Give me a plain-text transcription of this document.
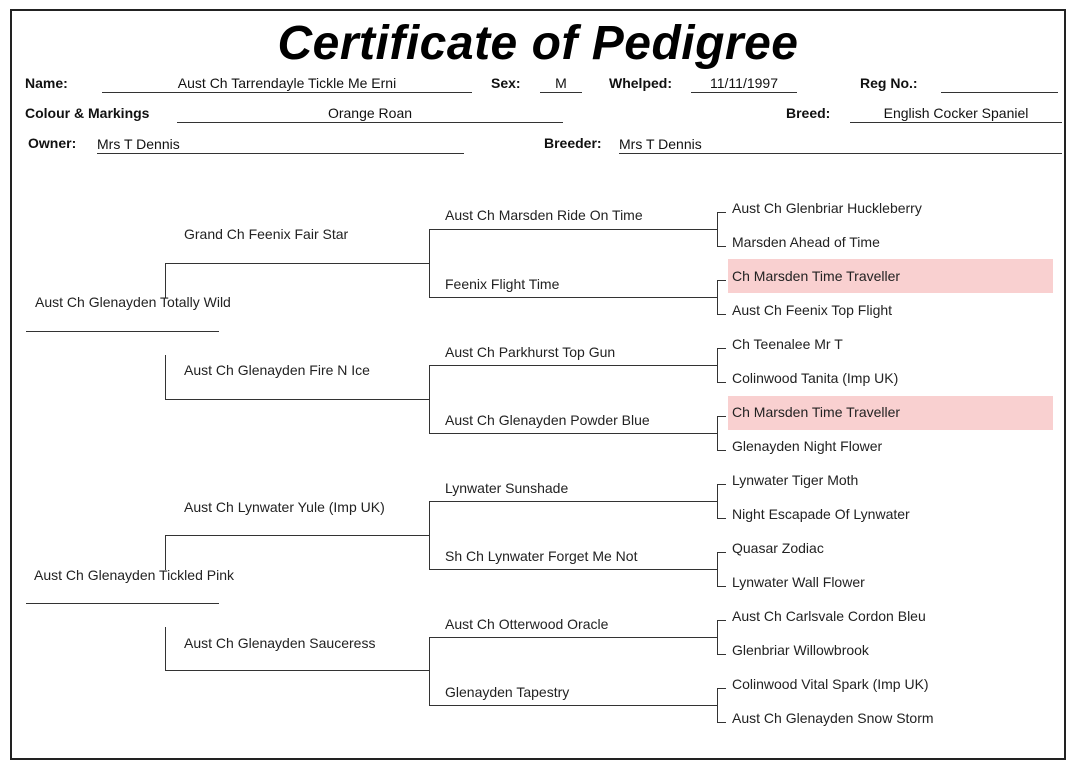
Certificate of Pedigree
Name:	Aust Ch Tarrendayle Tickle Me Erni	Sex:	M	Whelped:	11/11/1997	Reg No.:
Colour & Markings	Orange Roan	Breed:	English Cocker Spaniel
Owner: Mrs T Dennis	Breeder: Mrs T Dennis
Aust Ch Glenayden Totally Wild
Aust Ch Glenayden Tickled Pink
Grand Ch Feenix Fair Star
Aust Ch Glenayden Fire N Ice
Aust Ch Lynwater Yule (Imp UK)
Aust Ch Glenayden Sauceress
Aust Ch Marsden Ride On Time
Feenix Flight Time
Aust Ch Parkhurst Top Gun
Aust Ch Glenayden Powder Blue
Lynwater Sunshade
Sh Ch Lynwater Forget Me Not
Aust Ch Otterwood Oracle
Glenayden Tapestry
Aust Ch Glenbriar Huckleberry
Marsden Ahead of Time
Ch Marsden Time Traveller
Aust Ch Feenix Top Flight
Ch Teenalee Mr T
Colinwood Tanita (Imp UK)
Ch Marsden Time Traveller
Glenayden Night Flower
Lynwater Tiger Moth
Night Escapade Of Lynwater
Quasar Zodiac
Lynwater Wall Flower
Aust Ch Carlsvale Cordon Bleu
Glenbriar Willowbrook
Colinwood Vital Spark (Imp UK)
Aust Ch Glenayden Snow Storm
